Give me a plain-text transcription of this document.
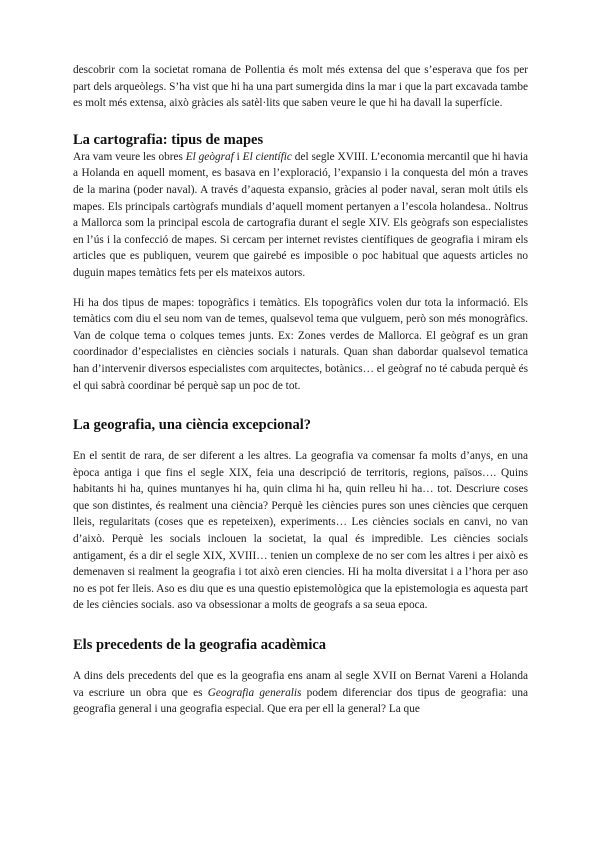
descobrir com la societat romana de Pollentia és molt més extensa del que s’esperava que fos per part dels arqueòlegs. S’ha vist que hi ha una part sumergida dins la mar i que la part excavada tambe es molt més extensa, això gràcies als satèl·lits que saben veure le que hi ha davall la superfície.

La cartografia: tipus de mapes

Ara vam veure les obres El geògraf i El científic del segle XVIII. L’economia mercantil que hi havia a Holanda en aquell moment, es basava en l’exploració, l’expansio i la conquesta del món a traves de la marina (poder naval). A través d’aquesta expansio, gràcies al poder naval, seran molt útils els mapes. Els principals cartògrafs mundials d’aquell moment pertanyen a l’escola holandesa.. Noltrus a Mallorca som la principal escola de cartografia durant el segle XIV. Els geògrafs son especialistes en l’ús i la confecció de mapes. Si cercam per internet revistes científiques de geografia i miram els articles que es publiquen, veurem que gairebé es imposible o poc habitual que aquests articles no duguin mapes temàtics fets per els mateixos autors.

Hi ha dos tipus de mapes: topogràfics i temàtics. Els topogràfics volen dur tota la informació. Els temàtics com diu el seu nom van de temes, qualsevol tema que vulguem, però son més monogràfics. Van de colque tema o colques temes junts. Ex: Zones verdes de Mallorca. El geògraf es un gran coordinador d’especialistes en ciències socials i naturals. Quan shan dabordar qualsevol tematica han d’intervenir diversos especialistes com arquitectes, botànics… el geògraf no té cabuda perquè és el qui sabrà coordinar bé perquè sap un poc de tot.

La geografia, una ciència excepcional?

En el sentit de rara, de ser diferent a les altres. La geografia va comensar fa molts d’anys, en una època antiga i que fins el segle XIX, feia una descripció de territoris, regions, països…. Quins habitants hi ha, quines muntanyes hi ha, quin clima hi ha, quin relleu hi ha… tot. Descriure coses que son distintes, és realment una ciència? Perquè les ciències pures son unes ciències que cerquen lleis, regularitats (coses que es repeteixen), experiments… Les ciències socials en canvi, no van d’això. Perquè les socials inclouen la societat, la qual és impredible. Les ciències socials antigament, és a dir el segle XIX, XVIII… tenien un complexe de no ser com les altres i per això es demenaven si realment la geografia i tot això eren ciencies. Hi ha molta diversitat i a l’hora per aso no es pot fer lleis. Aso es diu que es una questio epistemològica que la epistemologia es aquesta part de les ciències socials. aso va obsessionar a molts de geografs a sa seua epoca.

Els precedents de la geografia acadèmica

A dins dels precedents del que es la geografia ens anam al segle XVII on Bernat Vareni a Holanda va escriure un obra que es Geografia generalis podem diferenciar dos tipus de geografia: una geografia general i una geografia especial. Que era per ell la general? La que
